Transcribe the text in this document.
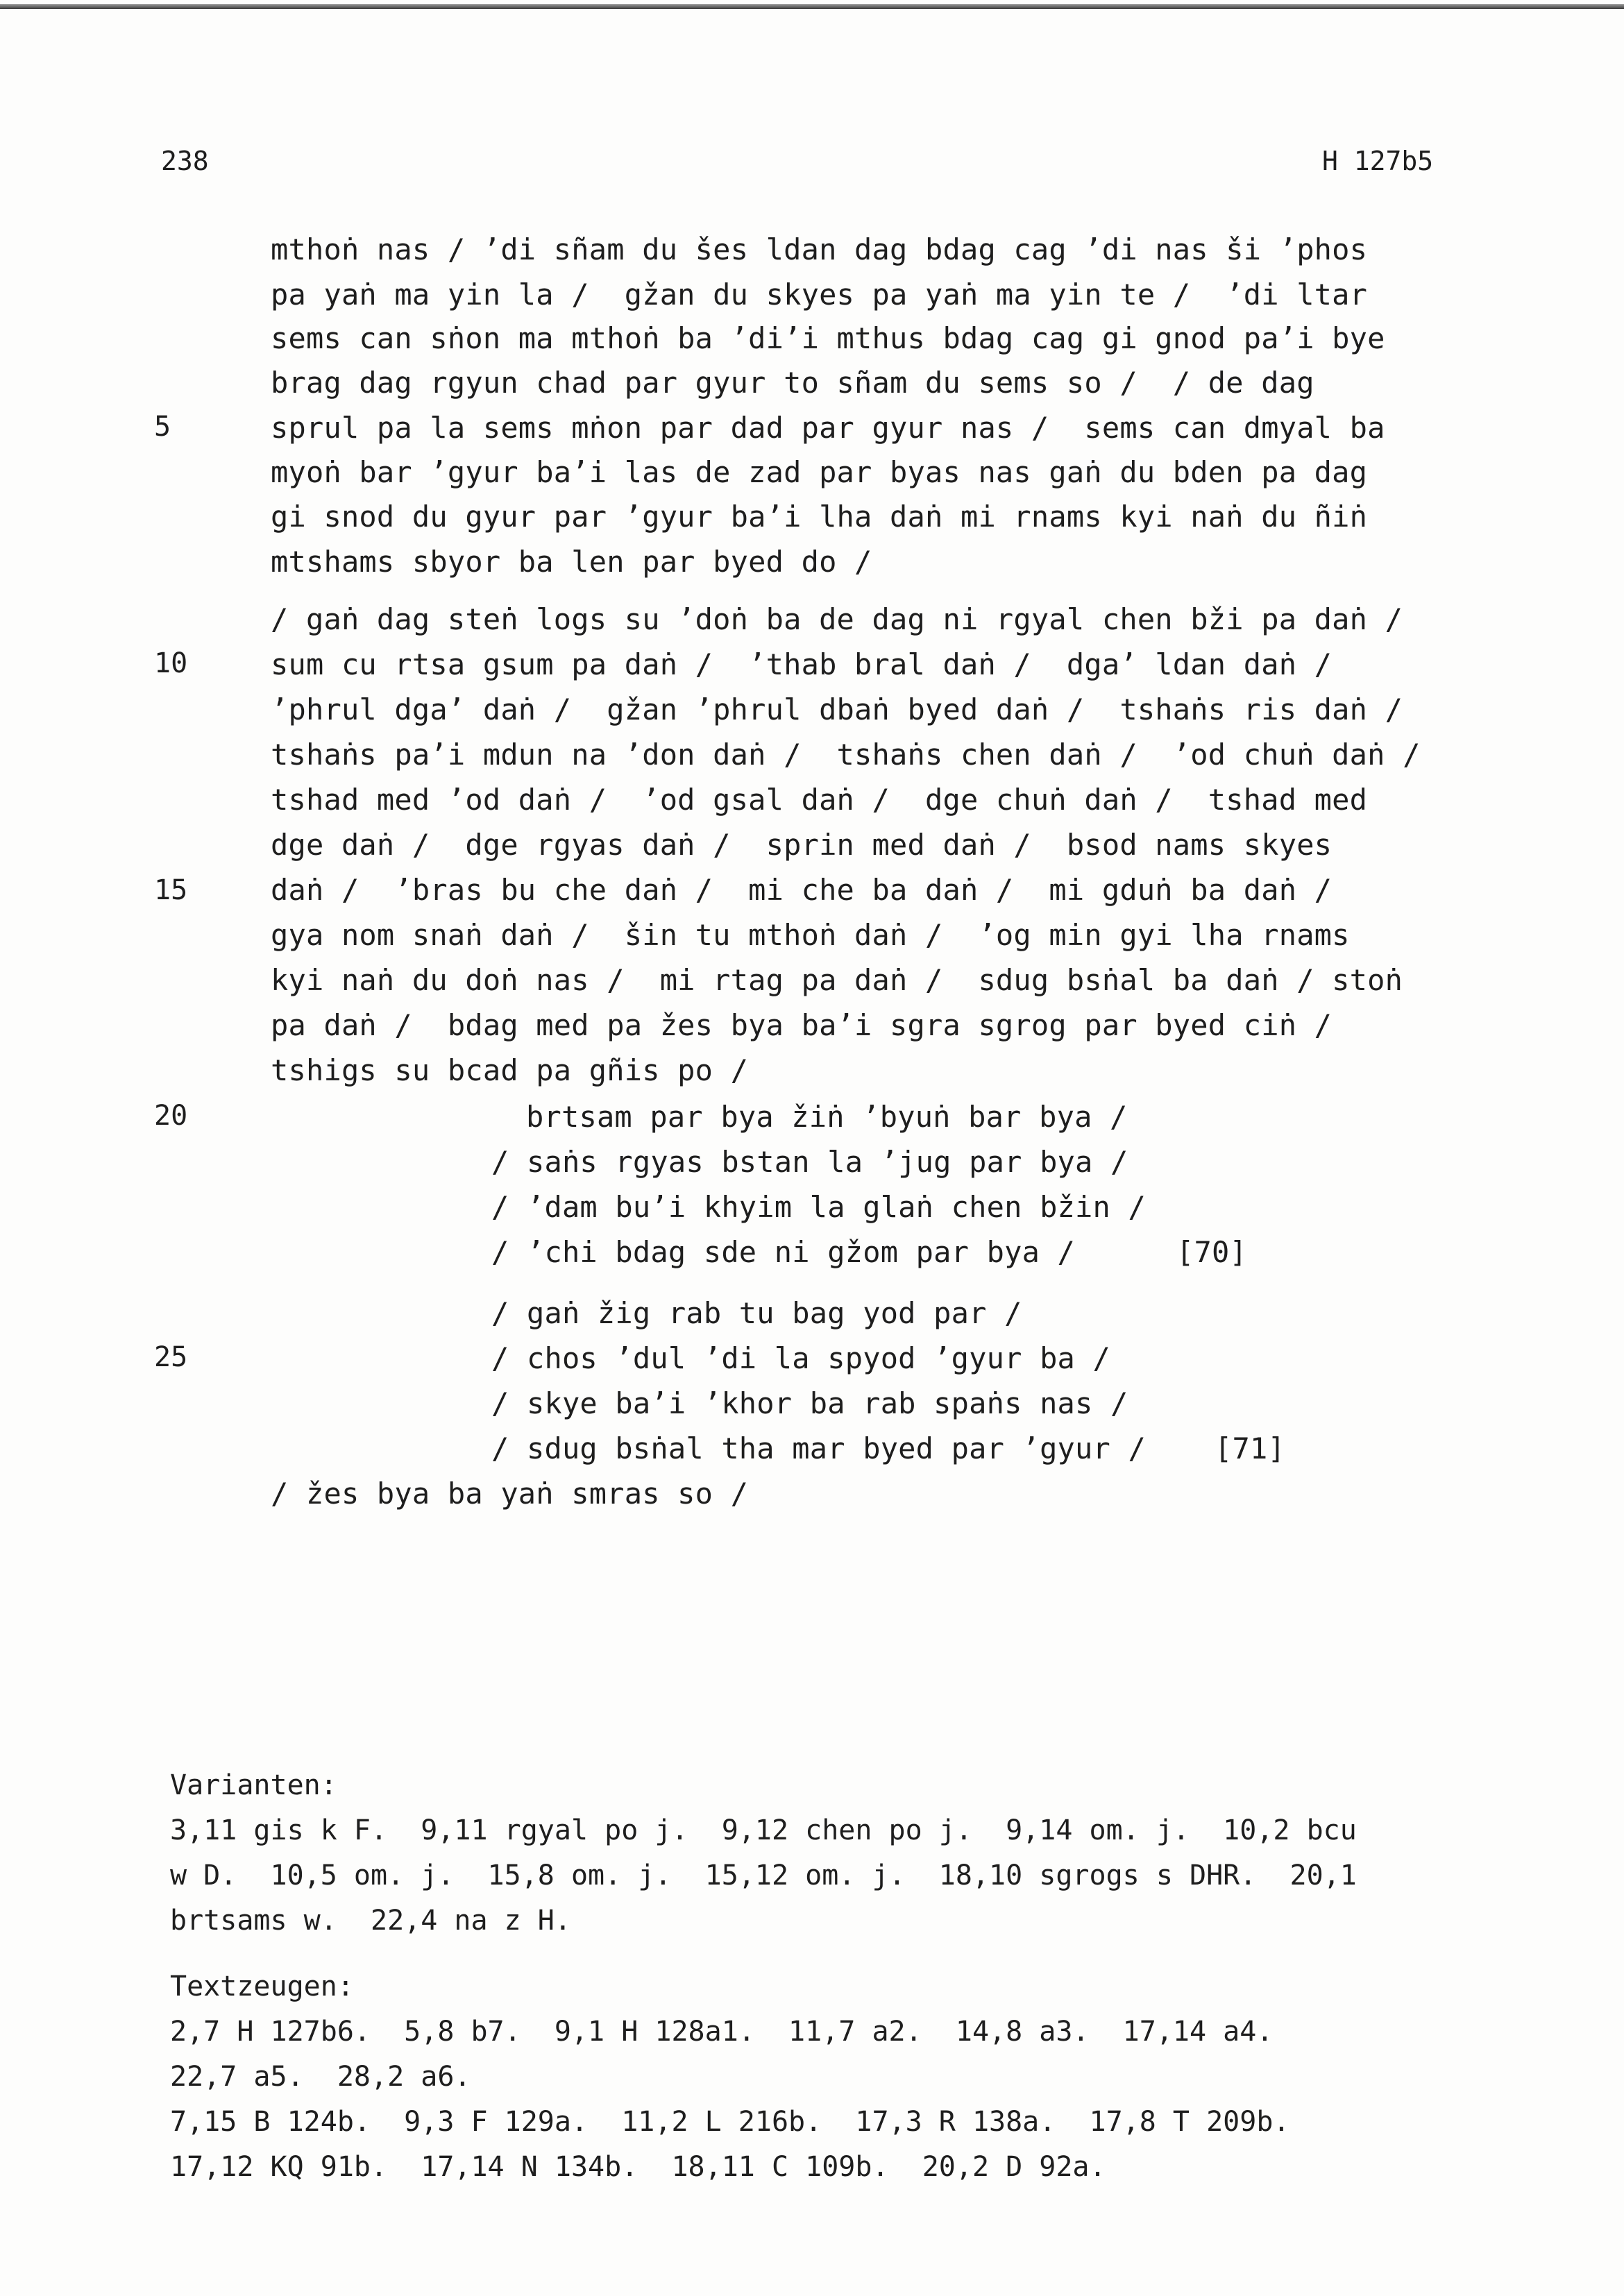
238	H 127b5
5
10
15
20
25
mthoṅ nas / ’di sñam du šes ldan dag bdag cag ’di nas ši ’phos
pa yaṅ ma yin la /  gžan du skyes pa yaṅ ma yin te /  ’di ltar
sems can sṅon ma mthoṅ ba ’di’i mthus bdag cag gi gnod pa’i bye
brag dag rgyun chad par gyur to sñam du sems so /  / de dag
sprul pa la sems mṅon par dad par gyur nas /  sems can dmyal ba
myoṅ bar ’gyur ba’i las de zad par byas nas gaṅ du bden pa dag
gi snod du gyur par ’gyur ba’i lha daṅ mi rnams kyi naṅ du ñiṅ
mtshams sbyor ba len par byed do /
/ gaṅ dag steṅ logs su ’doṅ ba de dag ni rgyal chen bži pa daṅ /
sum cu rtsa gsum pa daṅ /  ’thab bral daṅ /  dga’ ldan daṅ /
’phrul dga’ daṅ /  gžan ’phrul dbaṅ byed daṅ /  tshaṅs ris daṅ /
tshaṅs pa’i mdun na ’don daṅ /  tshaṅs chen daṅ /  ’od chuṅ daṅ /
tshad med ’od daṅ /  ’od gsal daṅ /  dge chuṅ daṅ /  tshad med
dge daṅ /  dge rgyas daṅ /  sprin med daṅ /  bsod nams skyes
daṅ /  ’bras bu che daṅ /  mi che ba daṅ /  mi gduṅ ba daṅ /
gya nom snaṅ daṅ /  šin tu mthoṅ daṅ /  ’og min gyi lha rnams
kyi naṅ du doṅ nas /  mi rtag pa daṅ /  sdug bsṅal ba daṅ / stoṅ
pa daṅ /  bdag med pa žes bya ba’i sgra sgrog par byed ciṅ /
tshigs su bcad pa gñis po /
brtsam par bya žiṅ ’byuṅ bar bya /
/ saṅs rgyas bstan la ’jug par bya /
/ ’dam bu’i khyim la glaṅ chen bžin /
/ ’chi bdag sde ni gžom par bya /	[70]
/ gaṅ žig rab tu bag yod par /
/ chos ’dul ’di la spyod ’gyur ba /
/ skye ba’i ’khor ba rab spaṅs nas /
/ sdug bsṅal tha mar byed par ’gyur / [71]
/ žes bya ba yaṅ smras so /
Varianten:
3,11 gis k F.  9,11 rgyal po j.  9,12 chen po j.  9,14 om. j.  10,2 bcu
w D.  10,5 om. j.  15,8 om. j.  15,12 om. j.  18,10 sgrogs s DHR.  20,1
brtsams w.  22,4 na z H.
Textzeugen:
2,7 H 127b6.  5,8 b7.  9,1 H 128a1.  11,7 a2.  14,8 a3.  17,14 a4.
22,7 a5.  28,2 a6.
7,15 B 124b.  9,3 F 129a.  11,2 L 216b.  17,3 R 138a.  17,8 T 209b.
17,12 KQ 91b.  17,14 N 134b.  18,11 C 109b.  20,2 D 92a.
